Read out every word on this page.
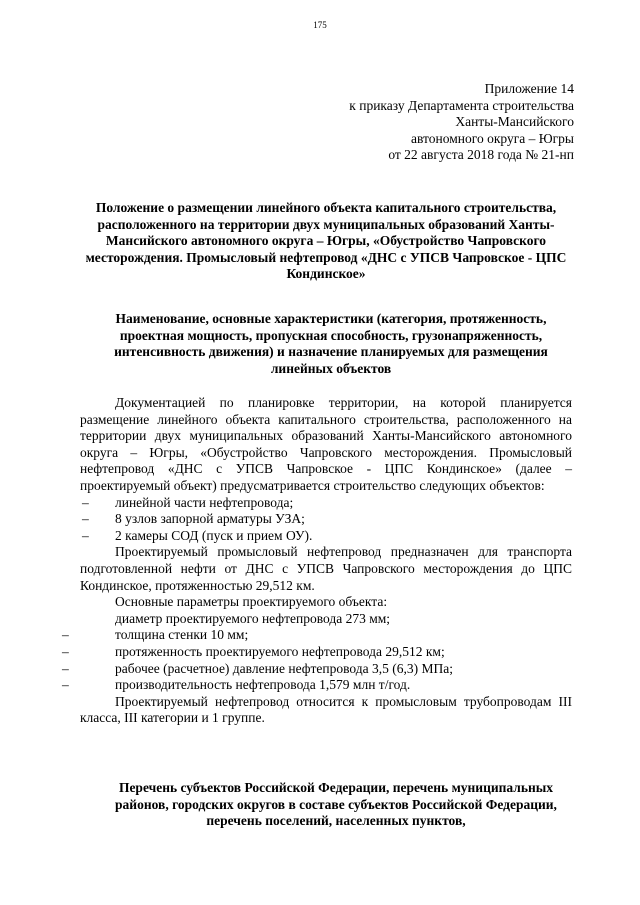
175
Приложение 14
к приказу Департамента строительства
Ханты-Мансийского
автономного округа – Югры
от 22 августа 2018 года № 21-нп
Положение о размещении линейного объекта капитального строительства, расположенного на территории двух муниципальных образований Ханты-Мансийского автономного округа – Югры, «Обустройство Чапровского месторождения. Промысловый нефтепровод «ДНС с УПСВ Чапровское - ЦПС Кондинское»
Наименование, основные характеристики (категория, протяженность, проектная мощность, пропускная способность, грузонапряженность, интенсивность движения) и назначение планируемых для размещения линейных объектов

Документацией по планировке территории, на которой планируется размещение линейного объекта капитального строительства, расположенного на территории двух муниципальных образований Ханты-Мансийского автономного округа – Югры, «Обустройство Чапровского месторождения. Промысловый нефтепровод «ДНС с УПСВ Чапровское - ЦПС Кондинское» (далее – проектируемый объект) предусматривается строительство следующих объектов:

– линейной части нефтепровода;

– 8 узлов запорной арматуры УЗА;

– 2 камеры СОД (пуск и прием ОУ).

Проектируемый промысловый нефтепровод предназначен для транспорта подготовленной нефти от ДНС с УПСВ Чапровского месторождения до ЦПС Кондинское, протяженностью 29,512 км.

Основные параметры проектируемого объекта:

диаметр проектируемого нефтепровода 273 мм;

–	толщина стенки 10 мм;

–	протяженность проектируемого нефтепровода 29,512 км;

–	рабочее (расчетное) давление нефтепровода 3,5 (6,3) МПа;

–	производительность нефтепровода 1,579 млн т/год.

Проектируемый нефтепровод относится к промысловым трубопроводам III класса, III категории и 1 группе.

Перечень субъектов Российской Федерации, перечень муниципальных районов, городских округов в составе субъектов Российской Федерации, перечень поселений, населенных пунктов,
